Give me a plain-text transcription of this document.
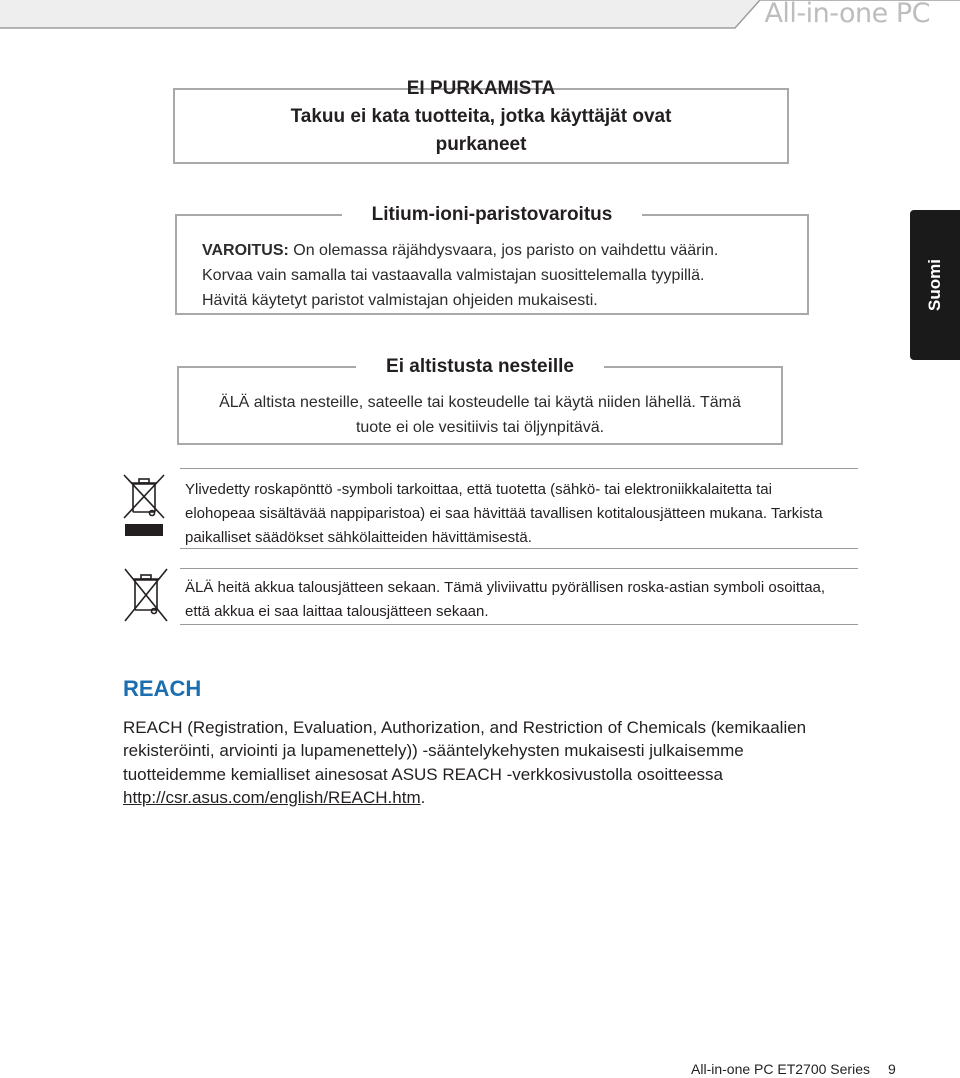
All-in-one PC
Suomi
EI PURKAMISTA
Takuu ei kata tuotteita, jotka käyttäjät ovat
purkaneet
Litium-ioni-paristovaroitus
VAROITUS: On olemassa räjähdysvaara, jos paristo on vaihdettu väärin.
Korvaa vain samalla tai vastaavalla valmistajan suosittelemalla tyypillä.
Hävitä käytetyt paristot valmistajan ohjeiden mukaisesti.
Ei altistusta nesteille
ÄLÄ altista nesteille, sateelle tai kosteudelle tai käytä niiden lähellä. Tämä
tuote ei ole vesitiivis tai öljynpitävä.
Ylivedetty roskapönttö -symboli tarkoittaa, että tuotetta (sähkö- tai elektroniikkalaitetta tai
elohopeaa sisältävää nappiparistoa) ei saa hävittää tavallisen kotitalousjätteen mukana. Tarkista
paikalliset säädökset sähkölaitteiden hävittämisestä.
ÄLÄ heitä akkua talousjätteen sekaan. Tämä yliviivattu pyörällisen roska-astian symboli osoittaa,
että akkua ei saa laittaa talousjätteen sekaan.
REACH
REACH (Registration, Evaluation, Authorization, and Restriction of Chemicals (kemikaalien
rekisteröinti, arviointi ja lupamenettely)) -sääntelykehysten mukaisesti julkaisemme
tuotteidemme kemialliset ainesosat ASUS REACH -verkkosivustolla osoitteessa
http://csr.asus.com/english/REACH.htm.
All-in-one PC ET2700 Series 9
